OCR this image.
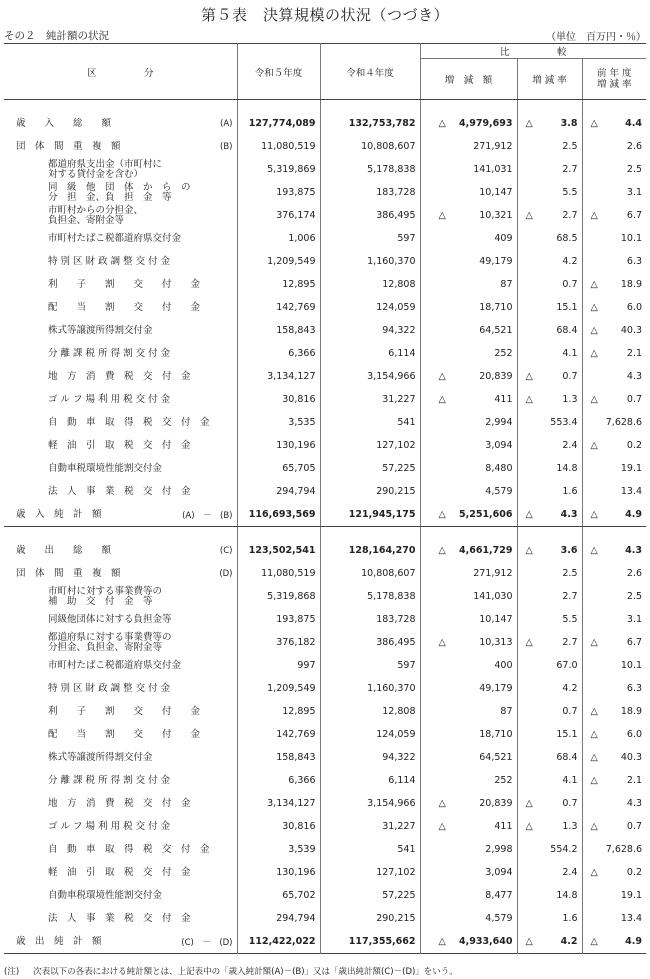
第５表　決算規模の状況（つづき）
その２　純計額の状況	（単位　百万円・％）
区　　　　　分	令和５年度	令和４年度	比　　　　　較		
			増　減　額	増 減 率	前 年 度
増 減 率

歳　　入　　総　　額 (A)	127,774,089	132,753,782	△ 4,979,693	△ 3.8	△ 4.4

団　体　間　重　複　額 (B)	11,080,519	10,808,607	271,912	2.5	2.6

都道府県支出金（市町村に
対する貸付金を含む）	5,319,869	5,178,838	141,031	2.7	2.5

同　級　他　団　体　か　ら　の
分　担　金、負　担　金　等	193,875	183,728	10,147	5.5	3.1

市町村からの分担金、
負担金、寄附金等	376,174	386,495	△ 10,321	△ 2.7	△ 6.7

市町村たばこ税都道府県交付金	1,006	597	409	68.5	10.1

特 別 区 財 政 調 整 交 付 金	1,209,549	1,160,370	49,179	4.2	6.3

利　　子　　割　　交　　付　　金	12,895	12,808	87	0.7	△ 18.9

配　　当　　割　　交　　付　　金	142,769	124,059	18,710	15.1	△ 6.0

株式等譲渡所得割交付金	158,843	94,322	64,521	68.4	△ 40.3

分 離 課 税 所 得 割 交 付 金	6,366	6,114	252	4.1	△ 2.1

地　方　消　費　税　交　付　金	3,134,127	3,154,966	△ 20,839	△ 0.7	4.3

ゴ ル フ 場 利 用 税 交 付 金	30,816	31,227	△ 411	△ 1.3	△ 0.7

自　動　車　取　得　税　交　付　金	3,535	541	2,994	553.4	7,628.6

軽　油　引　取　税　交　付　金	130,196	127,102	3,094	2.4	△ 0.2

自動車税環境性能割交付金	65,705	57,225	8,480	14.8	19.1

法　人　事　業　税　交　付　金	294,794	290,215	4,579	1.6	13.4

歳　入　純　計　額 (A)　－　(B)	116,693,569	121,945,175	△ 5,251,606	△ 4.3	△ 4.9

歳　　出　　総　　額 (C)	123,502,541	128,164,270	△ 4,661,729	△ 3.6	△ 4.3

団　体　間　重　複　額 (D)	11,080,519	10,808,607	271,912	2.5	2.6

市町村に対する事業費等の
補　助　交　付　金　等	5,319,868	5,178,838	141,030	2.7	2.5

同級他団体に対する負担金等	193,875	183,728	10,147	5.5	3.1

都道府県に対する事業費等の
分担金、負担金、寄附金等	376,182	386,495	△ 10,313	△ 2.7	△ 6.7

市町村たばこ税都道府県交付金	997	597	400	67.0	10.1

特 別 区 財 政 調 整 交 付 金	1,209,549	1,160,370	49,179	4.2	6.3

利　　子　　割　　交　　付　　金	12,895	12,808	87	0.7	△ 18.9

配　　当　　割　　交　　付　　金	142,769	124,059	18,710	15.1	△ 6.0

株式等譲渡所得割交付金	158,843	94,322	64,521	68.4	△ 40.3

分 離 課 税 所 得 割 交 付 金	6,366	6,114	252	4.1	△ 2.1

地　方　消　費　税　交　付　金	3,134,127	3,154,966	△ 20,839	△ 0.7	4.3

ゴ ル フ 場 利 用 税 交 付 金	30,816	31,227	△ 411	△ 1.3	△ 0.7

自　動　車　取　得　税　交　付　金	3,539	541	2,998	554.2	7,628.6

軽　油　引　取　税　交　付　金	130,196	127,102	3,094	2.4	△ 0.2

自動車税環境性能割交付金	65,702	57,225	8,477	14.8	19.1

法　人　事　業　税　交　付　金	294,794	290,215	4,579	1.6	13.4

歳　出　純　計　額 (C)　－　(D)	112,422,022	117,355,662	△ 4,933,640	△ 4.2	△ 4.9
(注) 次表以下の各表における純計額とは、上記表中の「歳入純計額(A)－(B)」又は「歳出純計額(C)－(D)」をいう。
